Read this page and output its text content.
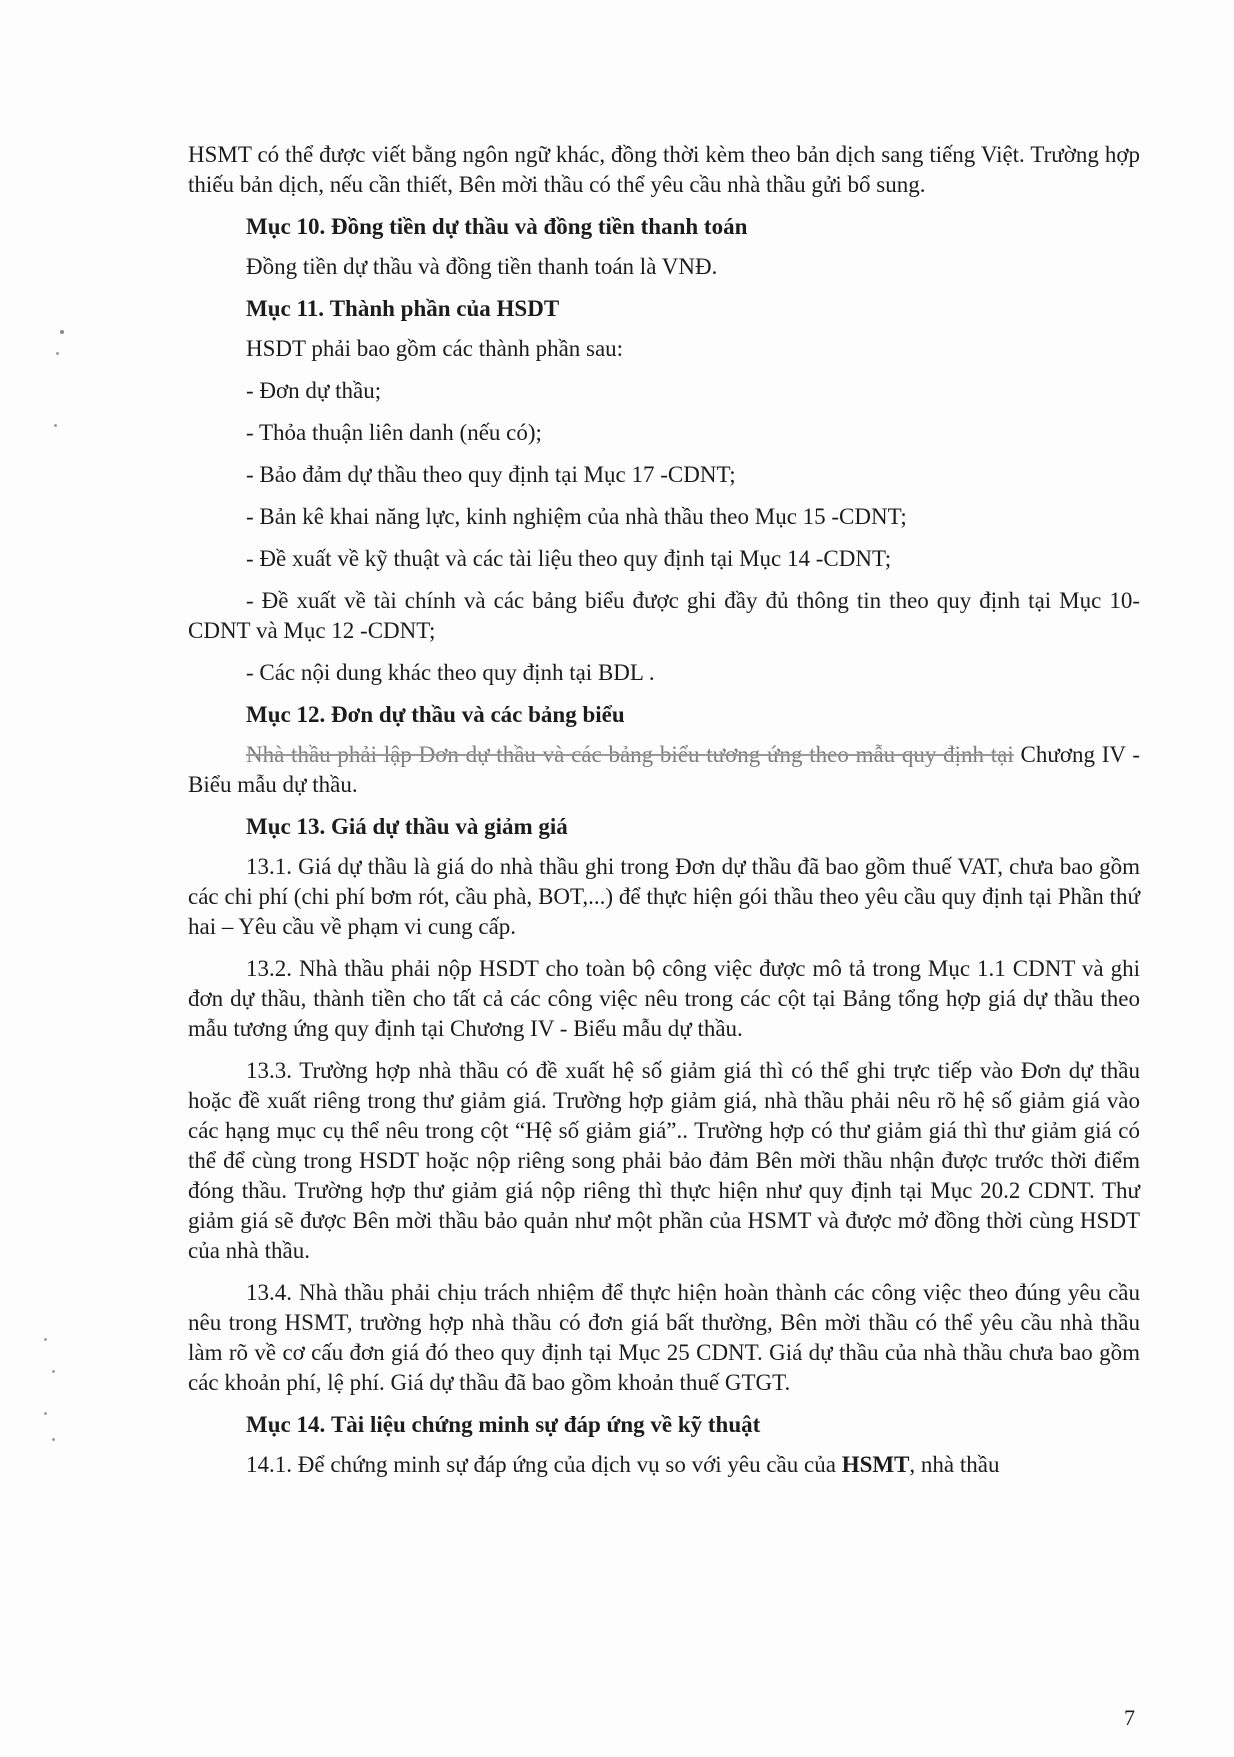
HSMT có thể được viết bằng ngôn ngữ khác, đồng thời kèm theo bản dịch sang tiếng Việt. Trường hợp thiếu bản dịch, nếu cần thiết, Bên mời thầu có thể yêu cầu nhà thầu gửi bổ sung.

Mục 10. Đồng tiền dự thầu và đồng tiền thanh toán

Đồng tiền dự thầu và đồng tiền thanh toán là VNĐ.

Mục 11. Thành phần của HSDT

HSDT phải bao gồm các thành phần sau:

- Đơn dự thầu;

- Thỏa thuận liên danh (nếu có);

- Bảo đảm dự thầu theo quy định tại Mục 17 -CDNT;

- Bản kê khai năng lực, kinh nghiệm của nhà thầu theo Mục 15 -CDNT;

- Đề xuất về kỹ thuật và các tài liệu theo quy định tại Mục 14 -CDNT;

- Đề xuất về tài chính và các bảng biểu được ghi đầy đủ thông tin theo quy định tại Mục 10-CDNT và Mục 12 -CDNT;

- Các nội dung khác theo quy định tại BDL .

Mục 12. Đơn dự thầu và các bảng biểu

Nhà thầu phải lập Đơn dự thầu và các bảng biểu tương ứng theo mẫu quy định tại Chương IV - Biểu mẫu dự thầu.

Mục 13. Giá dự thầu và giảm giá

13.1. Giá dự thầu là giá do nhà thầu ghi trong Đơn dự thầu đã bao gồm thuế VAT, chưa bao gồm các chi phí (chi phí bơm rót, cầu phà, BOT,...) để thực hiện gói thầu theo yêu cầu quy định tại Phần thứ hai – Yêu cầu về phạm vi cung cấp.

13.2. Nhà thầu phải nộp HSDT cho toàn bộ công việc được mô tả trong Mục 1.1 CDNT và ghi đơn dự thầu, thành tiền cho tất cả các công việc nêu trong các cột tại Bảng tổng hợp giá dự thầu theo mẫu tương ứng quy định tại Chương IV - Biểu mẫu dự thầu.

13.3. Trường hợp nhà thầu có đề xuất hệ số giảm giá thì có thể ghi trực tiếp vào Đơn dự thầu hoặc đề xuất riêng trong thư giảm giá. Trường hợp giảm giá, nhà thầu phải nêu rõ hệ số giảm giá vào các hạng mục cụ thể nêu trong cột “Hệ số giảm giá”.. Trường hợp có thư giảm giá thì thư giảm giá có thể để cùng trong HSDT hoặc nộp riêng song phải bảo đảm Bên mời thầu nhận được trước thời điểm đóng thầu. Trường hợp thư giảm giá nộp riêng thì thực hiện như quy định tại Mục 20.2 CDNT. Thư giảm giá sẽ được Bên mời thầu bảo quản như một phần của HSMT và được mở đồng thời cùng HSDT của nhà thầu.

13.4. Nhà thầu phải chịu trách nhiệm để thực hiện hoàn thành các công việc theo đúng yêu cầu nêu trong HSMT, trường hợp nhà thầu có đơn giá bất thường, Bên mời thầu có thể yêu cầu nhà thầu làm rõ về cơ cấu đơn giá đó theo quy định tại Mục 25 CDNT. Giá dự thầu của nhà thầu chưa bao gồm các khoản phí, lệ phí. Giá dự thầu đã bao gồm khoản thuế GTGT.

Mục 14. Tài liệu chứng minh sự đáp ứng về kỹ thuật

14.1. Để chứng minh sự đáp ứng của dịch vụ so với yêu cầu của HSMT, nhà thầu

7
